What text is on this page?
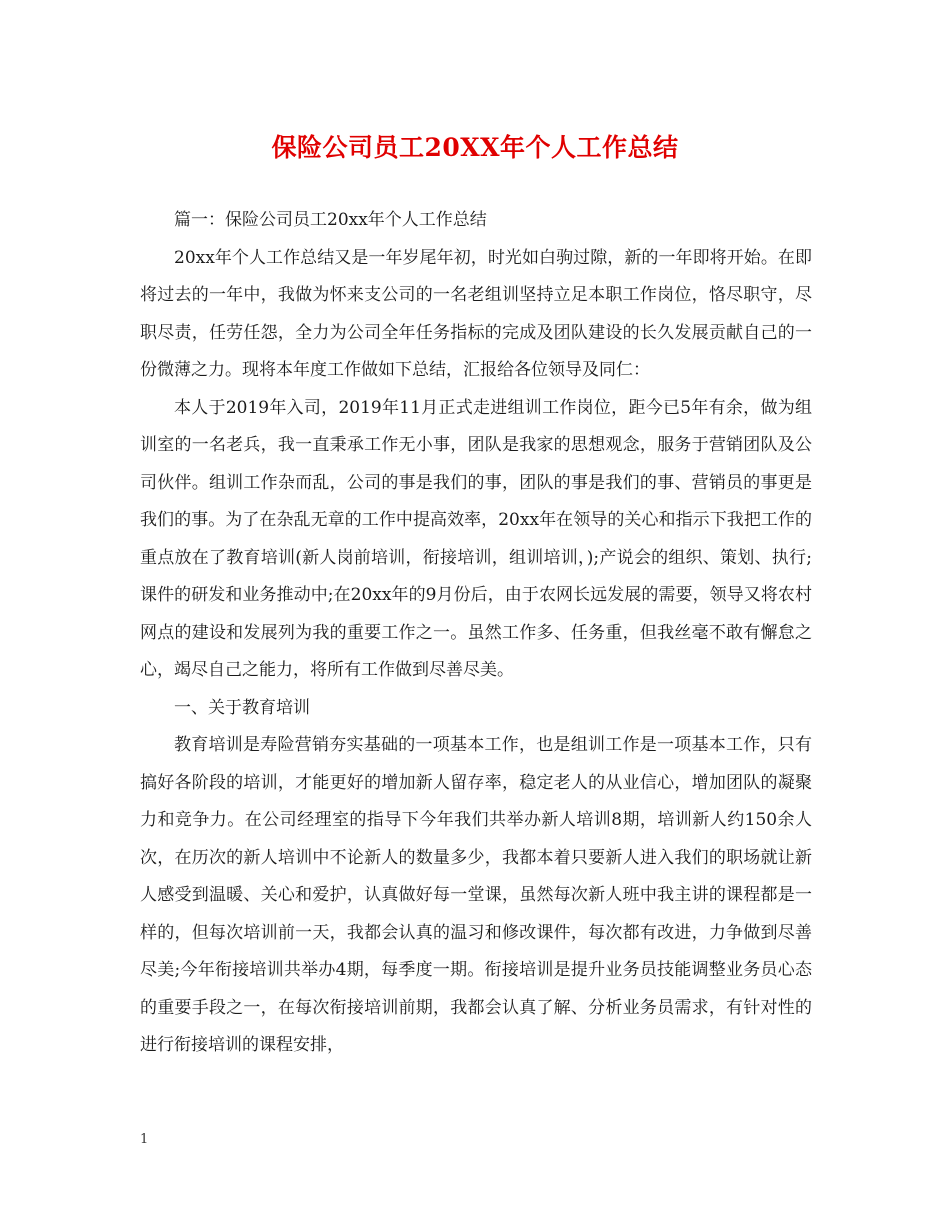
保险公司员工20XX年个人工作总结

篇一：保险公司员工20xx年个人工作总结

20xx年个人工作总结又是一年岁尾年初，时光如白驹过隙，新的一年即将开始。在即将过去的一年中，我做为怀来支公司的一名老组训坚持立足本职工作岗位，恪尽职守，尽职尽责，任劳任怨，全力为公司全年任务指标的完成及团队建设的长久发展贡献自己的一份微薄之力。现将本年度工作做如下总结，汇报给各位领导及同仁：

本人于2019年入司，2019年11月正式走进组训工作岗位，距今已5年有余，做为组训室的一名老兵，我一直秉承工作无小事，团队是我家的思想观念，服务于营销团队及公司伙伴。组训工作杂而乱，公司的事是我们的事，团队的事是我们的事、营销员的事更是我们的事。为了在杂乱无章的工作中提高效率，20xx年在领导的关心和指示下我把工作的重点放在了教育培训(新人岗前培训，衔接培训，组训培训，);产说会的组织、策划、执行;课件的研发和业务推动中;在20xx年的9月份后，由于农网长远发展的需要，领导又将农村网点的建设和发展列为我的重要工作之一。虽然工作多、任务重，但我丝毫不敢有懈怠之心，竭尽自己之能力，将所有工作做到尽善尽美。

一、关于教育培训

教育培训是寿险营销夯实基础的一项基本工作，也是组训工作是一项基本工作，只有搞好各阶段的培训，才能更好的增加新人留存率，稳定老人的从业信心，增加团队的凝聚力和竞争力。在公司经理室的指导下今年我们共举办新人培训8期，培训新人约150余人次，在历次的新人培训中不论新人的数量多少，我都本着只要新人进入我们的职场就让新人感受到温暖、关心和爱护，认真做好每一堂课，虽然每次新人班中我主讲的课程都是一样的，但每次培训前一天，我都会认真的温习和修改课件，每次都有改进，力争做到尽善尽美;今年衔接培训共举办4期，每季度一期。衔接培训是提升业务员技能调整业务员心态的重要手段之一，在每次衔接培训前期，我都会认真了解、分析业务员需求，有针对性的进行衔接培训的课程安排，

1
